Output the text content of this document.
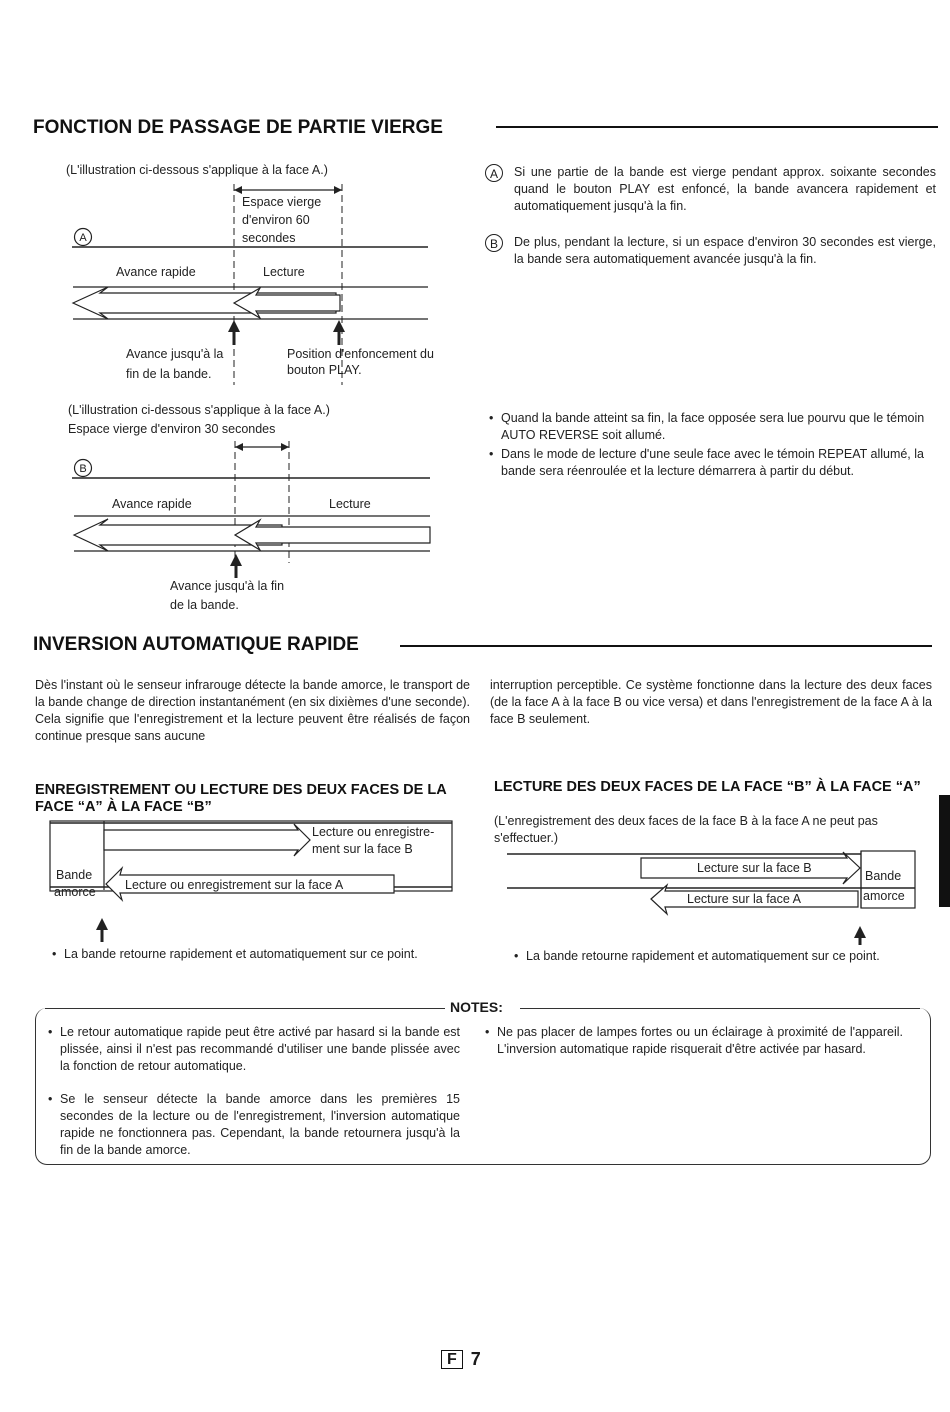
FONCTION DE PASSAGE DE PARTIE VIERGE
(L'illustration ci-dessous s'applique à la face A.)
A
Espace vierge
d'environ 60
secondes
Avance rapide	Lecture
Avance jusqu'à la
fin de la bande.
Position d'enfoncement du
bouton PLAY.
A	Si une partie de la bande est vierge pendant approx. soixante secondes quand le bouton PLAY est enfoncé, la bande avancera rapidement et automatiquement jusqu'à la fin.
B	De plus, pendant la lecture, si un espace d'environ 30 secondes est vierge, la bande sera automatiquement avancée jusqu'à la fin.
(L'illustration ci-dessous s'applique à la face A.)
Espace vierge d'environ 30 secondes
B
Avance rapide	Lecture
Avance jusqu'à la fin
de la bande.
• Quand la bande atteint sa fin, la face opposée sera lue pourvu que le témoin AUTO REVERSE soit allumé.
• Dans le mode de lecture d'une seule face avec le témoin REPEAT allumé, la bande sera réenroulée et la lecture démarrera à partir du début.
INVERSION AUTOMATIQUE RAPIDE
Dès l'instant où le senseur infrarouge détecte la bande amorce, le transport de la bande change de direction instantanément (en six dixièmes d'une seconde). Cela signifie que l'enregistrement et la lecture peuvent être réalisés de façon continue presque sans aucune
interruption perceptible. Ce système fonctionne dans la lecture des deux faces (de la face A à la face B ou vice versa) et dans l'enregistrement de la face A à la face B seulement.
ENREGISTREMENT OU LECTURE DES DEUX FACES DE LA FACE “A” À LA FACE “B”
Bande
amorce
Lecture ou enregistre-
ment sur la face B
Lecture ou enregistrement sur la face A
• La bande retourne rapidement et automatiquement sur ce point.
LECTURE DES DEUX FACES DE LA FACE “B” À LA FACE “A”
(L'enregistrement des deux faces de la face B à la face A ne peut pas s'effectuer.)
Bande
amorce
Lecture sur la face B
Lecture sur la face A
• La bande retourne rapidement et automatiquement sur ce point.
NOTES:
• Le retour automatique rapide peut être activé par hasard si la bande est plissée, ainsi il n'est pas recommandé d'utiliser une bande plissée avec la fonction de retour automatique.
• Se le senseur détecte la bande amorce dans les premières 15 secondes de la lecture ou de l'enregistrement, l'inversion automatique rapide ne fonctionnera pas. Cependant, la bande retournera jusqu'à la fin de la bande amorce.
• Ne pas placer de lampes fortes ou un éclairage à proximité de l'appareil. L'inversion automatique rapide risquerait d'être activée par hasard.
F 7
